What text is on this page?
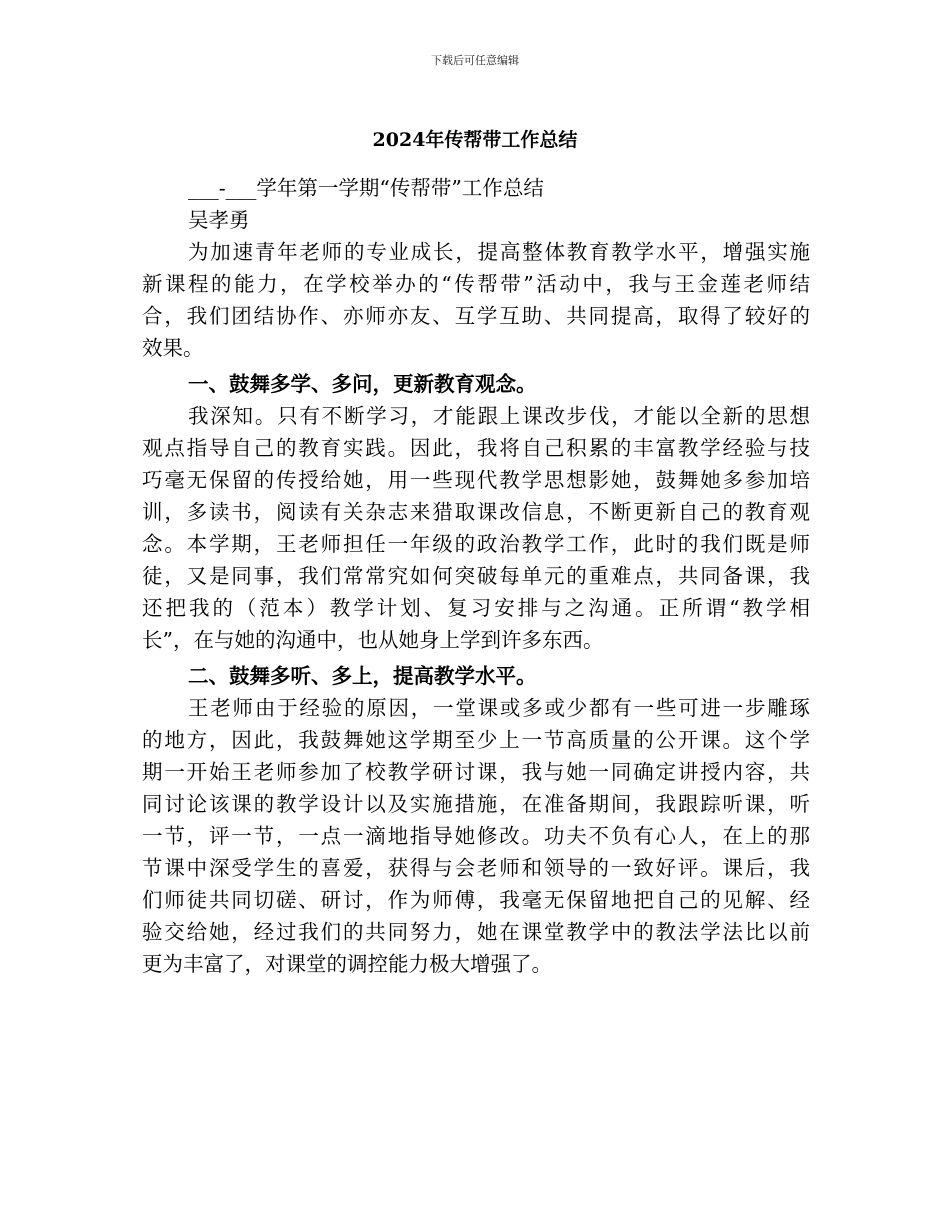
下载后可任意编辑
2024年传帮带工作总结
___-___学年第一学期“传帮带”工作总结
吴孝勇
为加速青年老师的专业成长，提高整体教育教学水平，增强实施
新课程的能力，在学校举办的“传帮带”活动中，我与王金莲老师结
合，我们团结协作、亦师亦友、互学互助、共同提高，取得了较好的
效果。
一、鼓舞多学、多问，更新教育观念。
我深知。只有不断学习，才能跟上课改步伐，才能以全新的思想
观点指导自己的教育实践。因此，我将自己积累的丰富教学经验与技
巧毫无保留的传授给她，用一些现代教学思想影她，鼓舞她多参加培
训，多读书，阅读有关杂志来猎取课改信息，不断更新自己的教育观
念。本学期，王老师担任一年级的政治教学工作，此时的我们既是师
徒，又是同事，我们常常究如何突破每单元的重难点，共同备课，我
还把我的（范本）教学计划、复习安排与之沟通。正所谓“教学相
长”，在与她的沟通中，也从她身上学到许多东西。
二、鼓舞多听、多上，提高教学水平。
王老师由于经验的原因，一堂课或多或少都有一些可进一步雕琢
的地方，因此，我鼓舞她这学期至少上一节高质量的公开课。这个学
期一开始王老师参加了校教学研讨课，我与她一同确定讲授内容，共
同讨论该课的教学设计以及实施措施，在准备期间，我跟踪听课，听
一节，评一节，一点一滴地指导她修改。功夫不负有心人，在上的那
节课中深受学生的喜爱，获得与会老师和领导的一致好评。课后，我
们师徒共同切磋、研讨，作为师傅，我毫无保留地把自己的见解、经
验交给她，经过我们的共同努力，她在课堂教学中的教法学法比以前
更为丰富了，对课堂的调控能力极大增强了。
